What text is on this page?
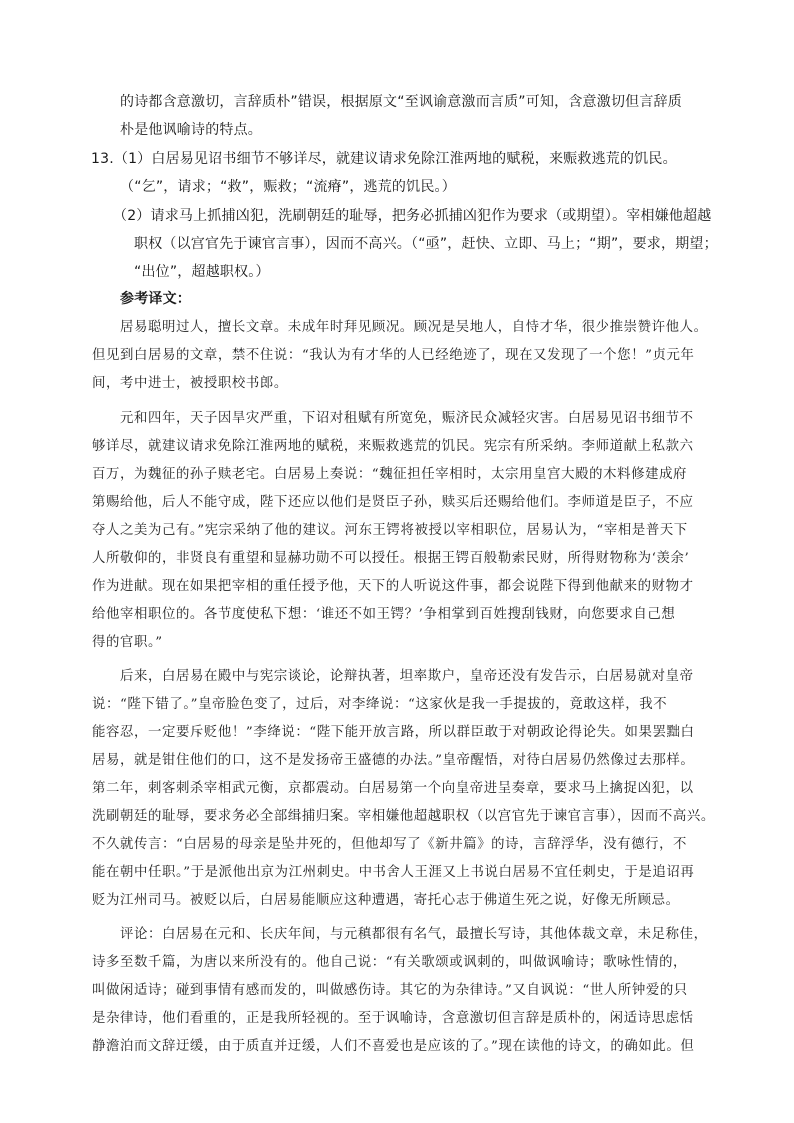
的诗都含意激切，言辞质朴”错误，根据原文“至讽谕意激而言质”可知，含意激切但言辞质
朴是他讽喻诗的特点。
13.（1）白居易见诏书细节不够详尽，就建议请求免除江淮两地的赋税，来赈救逃荒的饥民。
（“乞”，请求；“救”，赈救；“流瘠”，逃荒的饥民。）
（2）请求马上抓捕凶犯，洗刷朝廷的耻辱，把务必抓捕凶犯作为要求（或期望）。宰相嫌他超越
职权（以宫官先于谏官言事），因而不高兴。（“亟”，赶快、立即、马上；“期”，要求，期望；
“出位”，超越职权。）
参考译文：
居易聪明过人，擅长文章。未成年时拜见顾况。顾况是吴地人，自恃才华，很少推崇赞许他人。
但见到白居易的文章，禁不住说：“我认为有才华的人已经绝迹了，现在又发现了一个您！”贞元年
间，考中进士，被授职校书郎。
元和四年，天子因旱灾严重，下诏对租赋有所宽免，赈济民众减轻灾害。白居易见诏书细节不
够详尽，就建议请求免除江淮两地的赋税，来赈救逃荒的饥民。宪宗有所采纳。李师道献上私款六
百万，为魏征的孙子赎老宅。白居易上奏说：“魏征担任宰相时，太宗用皇宫大殿的木料修建成府
第赐给他，后人不能守成，陛下还应以他们是贤臣子孙，赎买后还赐给他们。李师道是臣子，不应
夺人之美为己有。”宪宗采纳了他的建议。河东王锷将被授以宰相职位，居易认为，“宰相是普天下
人所敬仰的，非贤良有重望和显赫功勋不可以授任。根据王锷百般勒索民财，所得财物称为‘羡余’
作为进献。现在如果把宰相的重任授予他，天下的人听说这件事，都会说陛下得到他献来的财物才
给他宰相职位的。各节度使私下想：‘谁还不如王锷？’争相掌到百姓搜刮钱财，向您要求自己想
得的官职。”
后来，白居易在殿中与宪宗谈论，论辩执著，坦率欺户，皇帝还没有发告示，白居易就对皇帝
说：“陛下错了。”皇帝脸色变了，过后，对李绛说：“这家伙是我一手提拔的，竟敢这样，我不
能容忍，一定要斥贬他！”李绛说：“陛下能开放言路，所以群臣敢于对朝政论得论失。如果罢黜白
居易，就是钳住他们的口，这不是发扬帝王盛德的办法。”皇帝醒悟，对待白居易仍然像过去那样。
第二年，刺客刺杀宰相武元衡，京都震动。白居易第一个向皇帝进呈奏章，要求马上擒捉凶犯，以
洗刷朝廷的耻辱，要求务必全部缉捕归案。宰相嫌他超越职权（以宫官先于谏官言事），因而不高兴。
不久就传言：“白居易的母亲是坠井死的，但他却写了《新井篇》的诗，言辞浮华，没有德行，不
能在朝中任职。”于是派他出京为江州刺史。中书舍人王涯又上书说白居易不宜任刺史，于是追诏再
贬为江州司马。被贬以后，白居易能顺应这种遭遇，寄托心志于佛道生死之说，好像无所顾忌。
评论：白居易在元和、长庆年间，与元稹都很有名气，最擅长写诗，其他体裁文章，未足称佳，
诗多至数千篇，为唐以来所没有的。他自己说：“有关歌颂或讽刺的，叫做讽喻诗；歌咏性情的，
叫做闲适诗；碰到事情有感而发的，叫做感伤诗。其它的为杂律诗。”又自讽说：“世人所钟爱的只
是杂律诗，他们看重的，正是我所轻视的。至于讽喻诗，含意激切但言辞是质朴的，闲适诗思虑恬
静澹泊而文辞迂缓，由于质直并迂缓，人们不喜爱也是应该的了。”现在读他的诗文，的确如此。但
